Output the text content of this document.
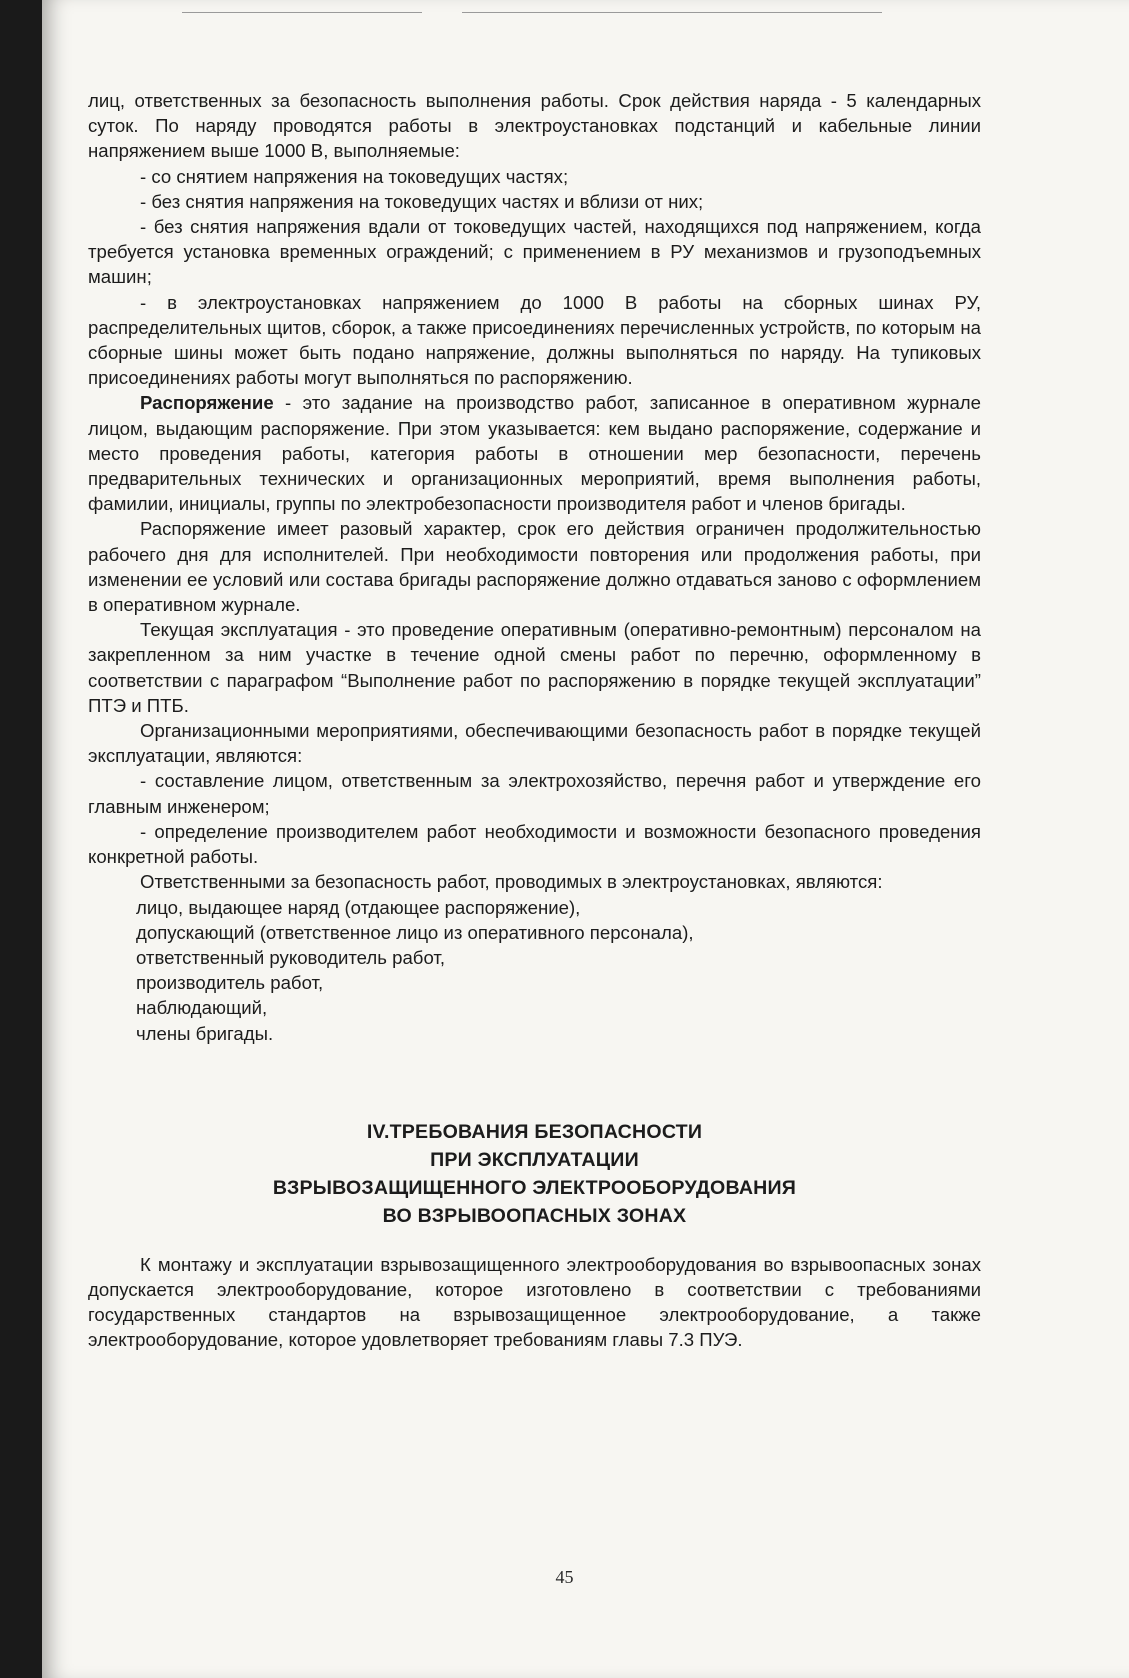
лиц, ответственных за безопасность выполнения работы. Срок действия наряда - 5 календарных суток. По наряду проводятся работы в электроустановках подстанций и кабельные линии напряжением выше 1000 В, выполняемые:

- со снятием напряжения на токоведущих частях;

- без снятия напряжения на токоведущих частях и вблизи от них;

- без снятия напряжения вдали от токоведущих частей, находящихся под напряжением, когда требуется установка временных ограждений; с применением в РУ механизмов и грузоподъемных машин;

- в электроустановках напряжением до 1000 В работы на сборных шинах РУ, распределительных щитов, сборок, а также присоединениях перечисленных устройств, по которым на сборные шины может быть подано напряжение, должны выполняться по наряду. На тупиковых присоединениях работы могут выполняться по распоряжению.

Распоряжение - это задание на производство работ, записанное в оперативном журнале лицом, выдающим распоряжение. При этом указывается: кем выдано распоряжение, содержание и место проведения работы, категория работы в отношении мер безопасности, перечень предварительных технических и организационных мероприятий, время выполнения работы, фамилии, инициалы, группы по электробезопасности производителя работ и членов бригады.

Распоряжение имеет разовый характер, срок его действия ограничен продолжительностью рабочего дня для исполнителей. При необходимости повторения или продолжения работы, при изменении ее условий или состава бригады распоряжение должно отдаваться заново с оформлением в оперативном журнале.

Текущая эксплуатация - это проведение оперативным (оперативно-ремонтным) персоналом на закрепленном за ним участке в течение одной смены работ по перечню, оформленному в соответствии с параграфом “Выполнение работ по распоряжению в порядке текущей эксплуатации” ПТЭ и ПТБ.

Организационными мероприятиями, обеспечивающими безопасность работ в порядке текущей эксплуатации, являются:

- составление лицом, ответственным за электрохозяйство, перечня работ и утверждение его главным инженером;

- определение производителем работ необходимости и возможности безопасного проведения конкретной работы.

Ответственными за безопасность работ, проводимых в электроустановках, являются:

лицо, выдающее наряд (отдающее распоряжение),

допускающий (ответственное лицо из оперативного персонала),

ответственный руководитель работ,

производитель работ,

наблюдающий,

члены бригады.

IV.ТРЕБОВАНИЯ БЕЗОПАСНОСТИ
ПРИ ЭКСПЛУАТАЦИИ
ВЗРЫВОЗАЩИЩЕННОГО ЭЛЕКТРООБОРУДОВАНИЯ
ВО ВЗРЫВООПАСНЫХ ЗОНАХ

К монтажу и эксплуатации взрывозащищенного электрооборудования во взрывоопасных зонах допускается электрооборудование, которое изготовлено в соответствии с требованиями государственных стандартов на взрывозащищенное электрооборудование, а также электрооборудование, которое удовлетворяет требованиям главы 7.3 ПУЭ.

45
